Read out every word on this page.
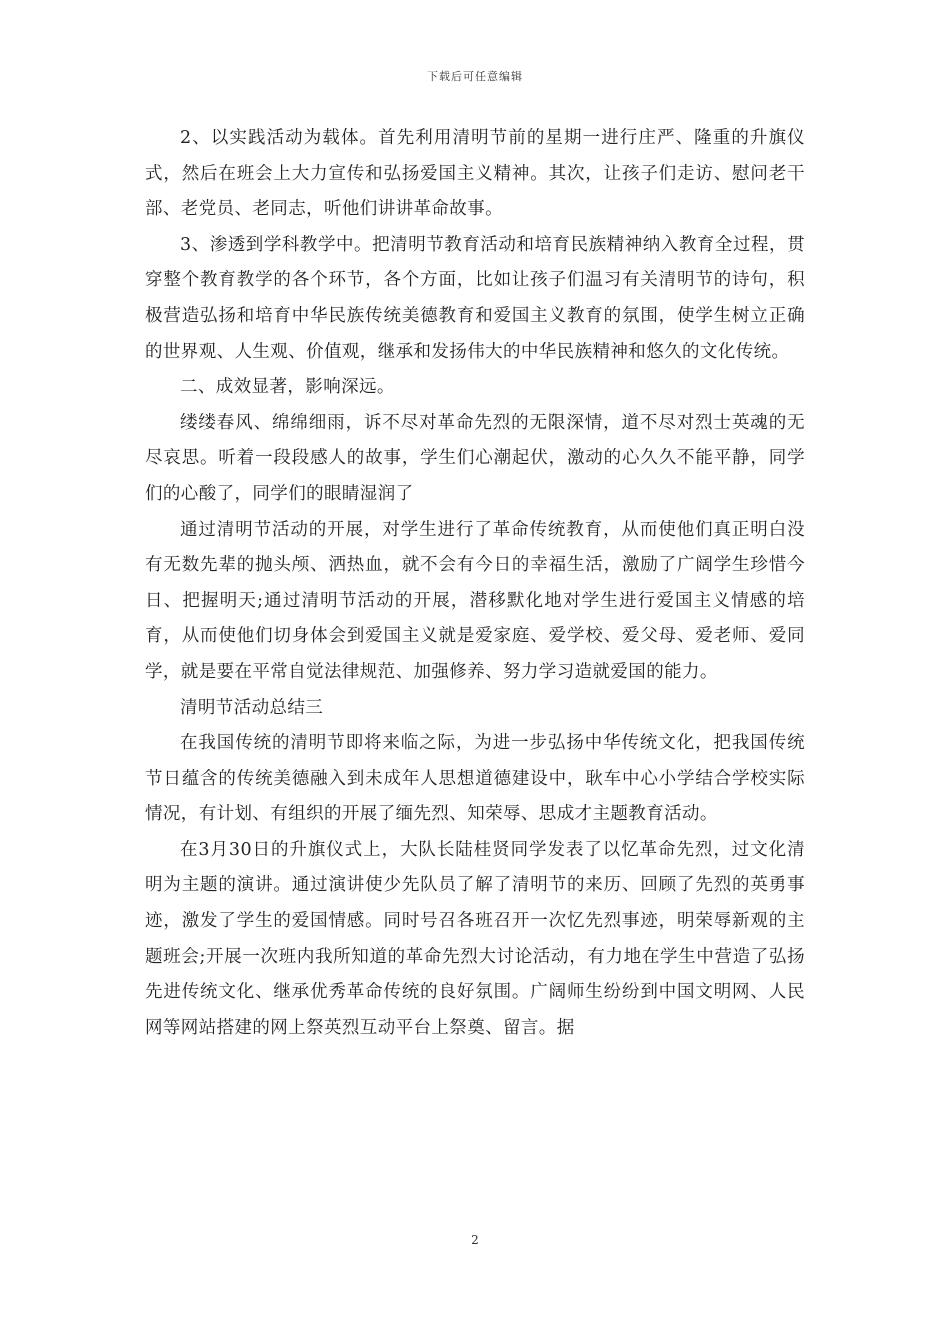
下载后可任意编辑

2、以实践活动为载体。首先利用清明节前的星期一进行庄严、隆重的升旗仪式，然后在班会上大力宣传和弘扬爱国主义精神。其次，让孩子们走访、慰问老干部、老党员、老同志，听他们讲讲革命故事。

3、渗透到学科教学中。把清明节教育活动和培育民族精神纳入教育全过程，贯穿整个教育教学的各个环节，各个方面，比如让孩子们温习有关清明节的诗句，积极营造弘扬和培育中华民族传统美德教育和爱国主义教育的氛围，使学生树立正确的世界观、人生观、价值观，继承和发扬伟大的中华民族精神和悠久的文化传统。

二、成效显著，影响深远。

缕缕春风、绵绵细雨，诉不尽对革命先烈的无限深情，道不尽对烈士英魂的无尽哀思。听着一段段感人的故事，学生们心潮起伏，激动的心久久不能平静，同学们的心酸了，同学们的眼睛湿润了

通过清明节活动的开展，对学生进行了革命传统教育，从而使他们真正明白没有无数先辈的抛头颅、洒热血，就不会有今日的幸福生活，激励了广阔学生珍惜今日、把握明天;通过清明节活动的开展，潜移默化地对学生进行爱国主义情感的培育，从而使他们切身体会到爱国主义就是爱家庭、爱学校、爱父母、爱老师、爱同学，就是要在平常自觉法律规范、加强修养、努力学习造就爱国的能力。

清明节活动总结三

在我国传统的清明节即将来临之际，为进一步弘扬中华传统文化，把我国传统节日蕴含的传统美德融入到未成年人思想道德建设中，耿车中心小学结合学校实际情况，有计划、有组织的开展了缅先烈、知荣辱、思成才主题教育活动。

在3月30日的升旗仪式上，大队长陆桂贤同学发表了以忆革命先烈，过文化清明为主题的演讲。通过演讲使少先队员了解了清明节的来历、回顾了先烈的英勇事迹，激发了学生的爱国情感。同时号召各班召开一次忆先烈事迹，明荣辱新观的主题班会;开展一次班内我所知道的革命先烈大讨论活动，有力地在学生中营造了弘扬先进传统文化、继承优秀革命传统的良好氛围。广阔师生纷纷到中国文明网、人民网等网站搭建的网上祭英烈互动平台上祭奠、留言。据

2
